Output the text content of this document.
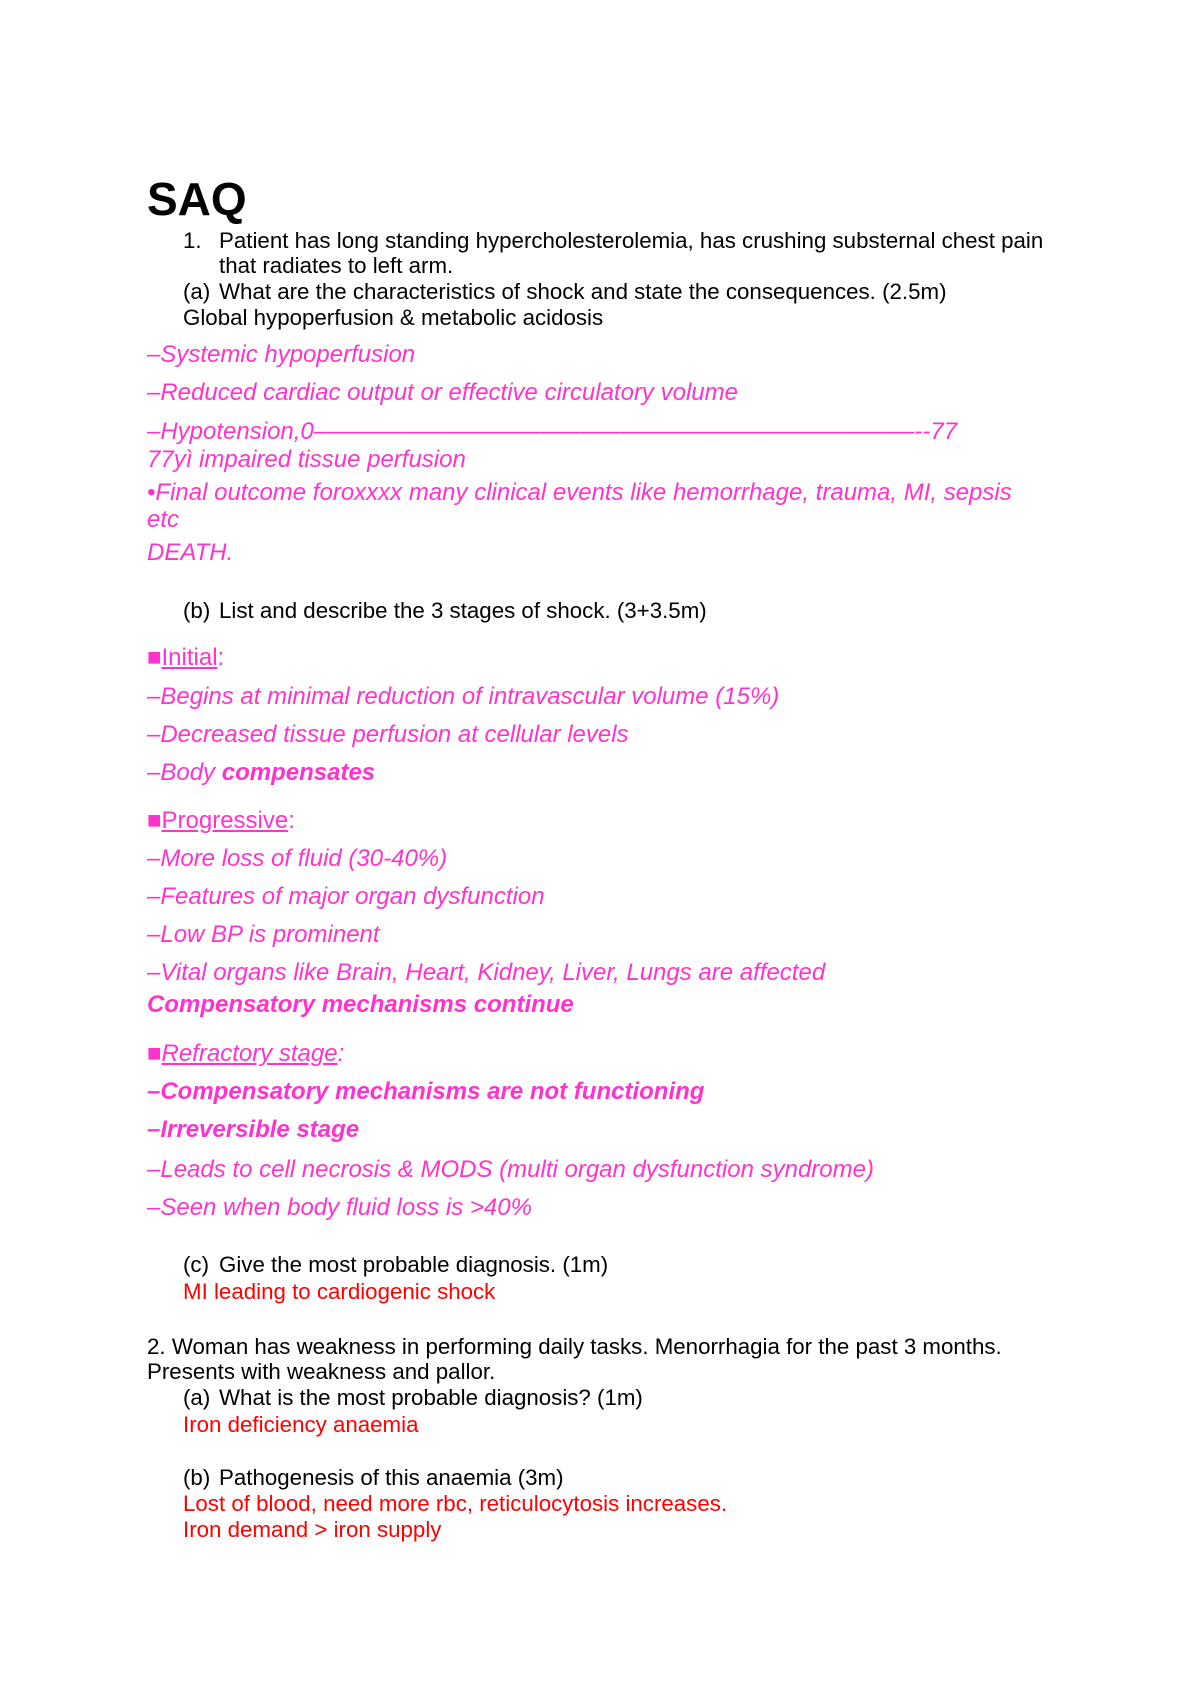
SAQ
1. Patient has long standing hypercholesterolemia, has crushing substernal chest pain
that radiates to left arm.
(a) What are the characteristics of shock and state the consequences. (2.5m)
Global hypoperfusion & metabolic acidosis
–Systemic hypoperfusion
–Reduced cardiac output or effective circulatory volume
–Hypotension,0–––––––––––––––––––––––––––––––––––––––––––––--77
77yì impaired tissue perfusion
•Final outcome foroxxxx many clinical events like hemorrhage, trauma, MI, sepsis
etc
DEATH.
(b) List and describe the 3 stages of shock. (3+3.5m)
■Initial:
–Begins at minimal reduction of intravascular volume (15%)
–Decreased tissue perfusion at cellular levels
–Body compensates
■Progressive:
–More loss of fluid (30-40%)
–Features of major organ dysfunction
–Low BP is prominent
–Vital organs like Brain, Heart, Kidney, Liver, Lungs are affected
Compensatory mechanisms continue
■Refractory stage:
–Compensatory mechanisms are not functioning
–Irreversible stage
–Leads to cell necrosis & MODS (multi organ dysfunction syndrome)
–Seen when body fluid loss is >40%
(c) Give the most probable diagnosis. (1m)
MI leading to cardiogenic shock
2. Woman has weakness in performing daily tasks. Menorrhagia for the past 3 months.
Presents with weakness and pallor.
(a) What is the most probable diagnosis? (1m)
Iron deficiency anaemia
(b) Pathogenesis of this anaemia (3m)
Lost of blood, need more rbc, reticulocytosis increases.
Iron demand > iron supply
